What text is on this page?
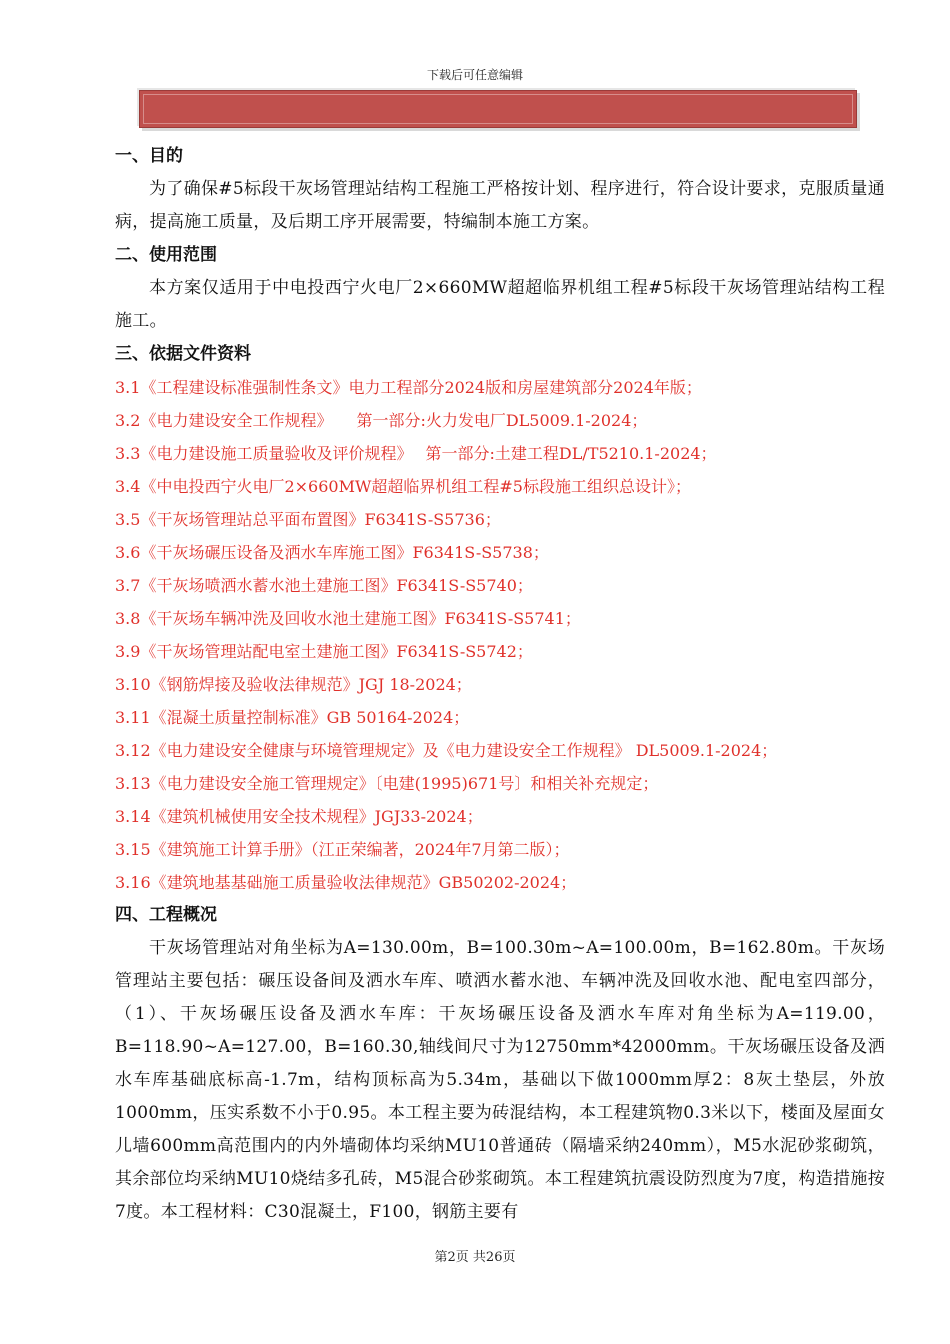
下载后可任意编辑
一、目的
为了确保#5标段干灰场管理站结构工程施工严格按计划、程序进行，符合设计要求，克服质量通病，提高施工质量，及后期工序开展需要，特编制本施工方案。
二、使用范围
本方案仅适用于中电投西宁火电厂2×660MW超超临界机组工程#5标段干灰场管理站结构工程施工。
三、依据文件资料
3.1《工程建设标准强制性条文》电力工程部分2024版和房屋建筑部分2024年版；
3.2《电力建设安全工作规程》　　第一部分:火力发电厂DL5009.1-2024；
3.3《电力建设施工质量验收及评价规程》　 第一部分:土建工程DL/T5210.1-2024；
3.4《中电投西宁火电厂2×660MW超超临界机组工程#5标段施工组织总设计》；
3.5《干灰场管理站总平面布置图》F6341S-S5736；
3.6《干灰场碾压设备及洒水车库施工图》F6341S-S5738；
3.7《干灰场喷洒水蓄水池土建施工图》F6341S-S5740；
3.8《干灰场车辆冲洗及回收水池土建施工图》F6341S-S5741；
3.9《干灰场管理站配电室土建施工图》F6341S-S5742；
3.10《钢筋焊接及验收法律规范》JGJ 18-2024；
3.11《混凝土质量控制标准》GB 50164-2024；
3.12《电力建设安全健康与环境管理规定》及《电力建设安全工作规程》 DL5009.1-2024；
3.13《电力建设安全施工管理规定》〔电建(1995)671号〕和相关补充规定；
3.14《建筑机械使用安全技术规程》JGJ33-2024；
3.15《建筑施工计算手册》（江正荣编著，2024年7月第二版）；
3.16《建筑地基基础施工质量验收法律规范》GB50202-2024；
四、工程概况
干灰场管理站对角坐标为A=130.00m，B=100.30m~A=100.00m，B=162.80m。干灰场管理站主要包括：碾压设备间及洒水车库、喷洒水蓄水池、车辆冲洗及回收水池、配电室四部分，（1）、干灰场碾压设备及洒水车库：干灰场碾压设备及洒水车库对角坐标为A=119.00， B=118.90~A=127.00，B=160.30,轴线间尺寸为12750mm*42000mm。干灰场碾压设备及洒水车库基础底标高-1.7m，结构顶标高为5.34m，基础以下做1000mm厚2：8灰土垫层，外放1000mm，压实系数不小于0.95。本工程主要为砖混结构，本工程建筑物0.3米以下，楼面及屋面女儿墙600mm高范围内的内外墙砌体均采纳MU10普通砖（隔墙采纳240mm），M5水泥砂浆砌筑，其余部位均采纳MU10烧结多孔砖，M5混合砂浆砌筑。本工程建筑抗震设防烈度为7度，构造措施按7度。本工程材料：C30混凝土，F100，钢筋主要有
第2页 共26页
